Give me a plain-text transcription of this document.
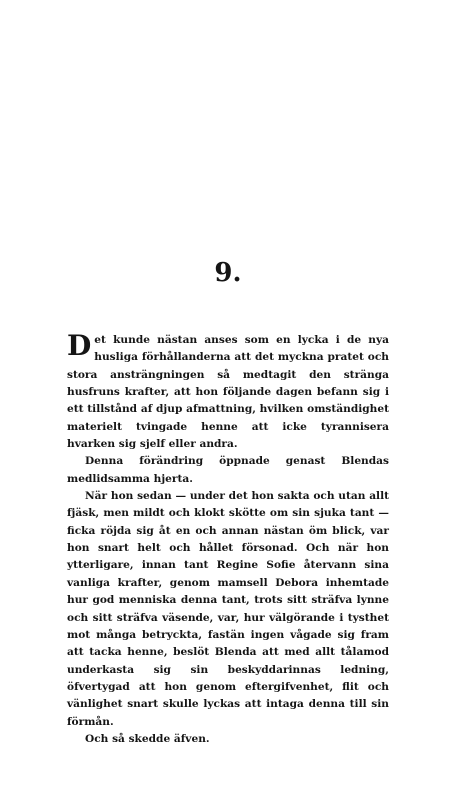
9.

D et kunde nästan anses som en lycka i de nya husliga förhållanderna att det myckna pratet och stora ansträngningen så medtagit den stränga husfruns krafter, att hon följande dagen befann sig i ett tillstånd af djup afmattning, hvilken omständighet materielt tvingade henne att icke tyrannisera hvarken sig sjelf eller andra.

Denna förändring öppnade genast Blendas medlidsamma hjerta.

När hon sedan — under det hon sakta och utan allt fjäsk, men mildt och klokt skötte om sin sjuka tant — ficka röjda sig åt en och annan nästan öm blick, var hon snart helt och hållet försonad. Och när hon ytterligare, innan tant Regine Sofie återvann sina vanliga krafter, genom mamsell Debora inhemtade hur god menniska denna tant, trots sitt sträfva lynne och sitt sträfva väsende, var, hur välgörande i tysthet mot många betryckta, fastän ingen vågade sig fram att tacka henne, beslöt Blenda att med allt tålamod underkasta sig sin beskyddarinnas ledning, öfvertygad att hon genom eftergifvenhet, flit och vänlighet snart skulle lyckas att intaga denna till sin förmån.

Och så skedde äfven.
